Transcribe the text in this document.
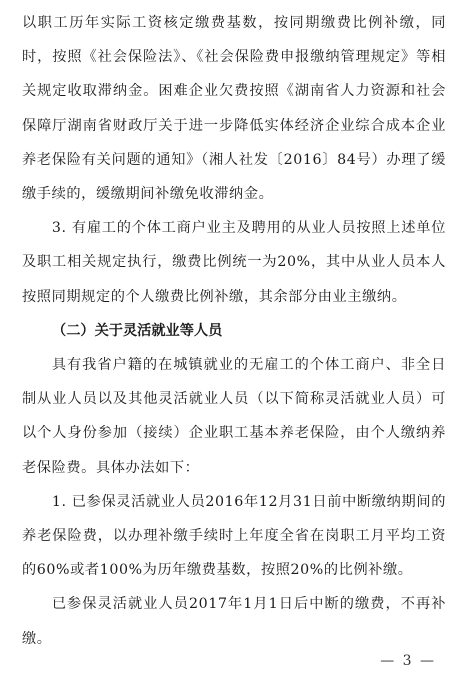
以职工历年实际工资核定缴费基数，按同期缴费比例补缴，同时，按照《社会保险法》、《社会保险费申报缴纳管理规定》等相关规定收取滞纳金。困难企业欠费按照《湖南省人力资源和社会保障厅湖南省财政厅关于进一步降低实体经济企业综合成本企业养老保险有关问题的通知》（湘人社发〔2016〕84号）办理了缓缴手续的，缓缴期间补缴免收滞纳金。

3. 有雇工的个体工商户业主及聘用的从业人员按照上述单位及职工相关规定执行，缴费比例统一为20%，其中从业人员本人按照同期规定的个人缴费比例补缴，其余部分由业主缴纳。

（二）关于灵活就业等人员

具有我省户籍的在城镇就业的无雇工的个体工商户、非全日制从业人员以及其他灵活就业人员（以下简称灵活就业人员）可以个人身份参加（接续）企业职工基本养老保险，由个人缴纳养老保险费。具体办法如下：

1. 已参保灵活就业人员2016年12月31日前中断缴纳期间的养老保险费，以办理补缴手续时上年度全省在岗职工月平均工资的60%或者100%为历年缴费基数，按照20%的比例补缴。

已参保灵活就业人员2017年1月1日后中断的缴费，不再补缴。

— 3 —
